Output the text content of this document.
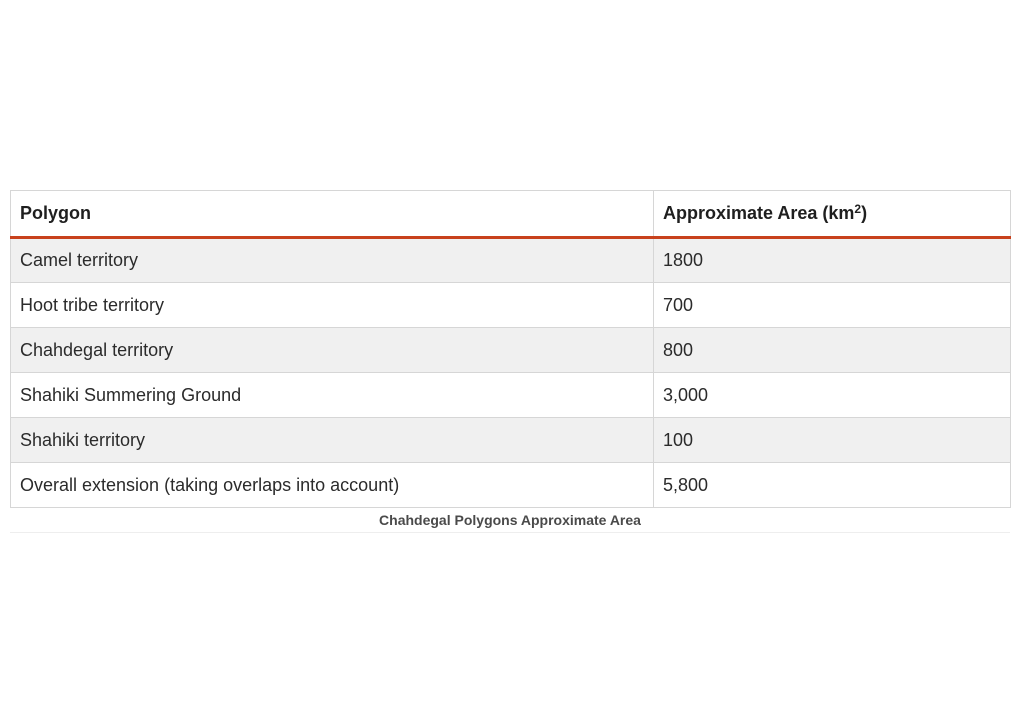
Polygon	Approximate Area $(km^2)$
Camel territory	1800
Hoot tribe territory	700
Chahdegal territory	800
Shahiki Summering Ground	3,000
Shahiki territory	100
Overall extension (taking overlaps into account)	5,800
Chahdegal Polygons Approximate Area
